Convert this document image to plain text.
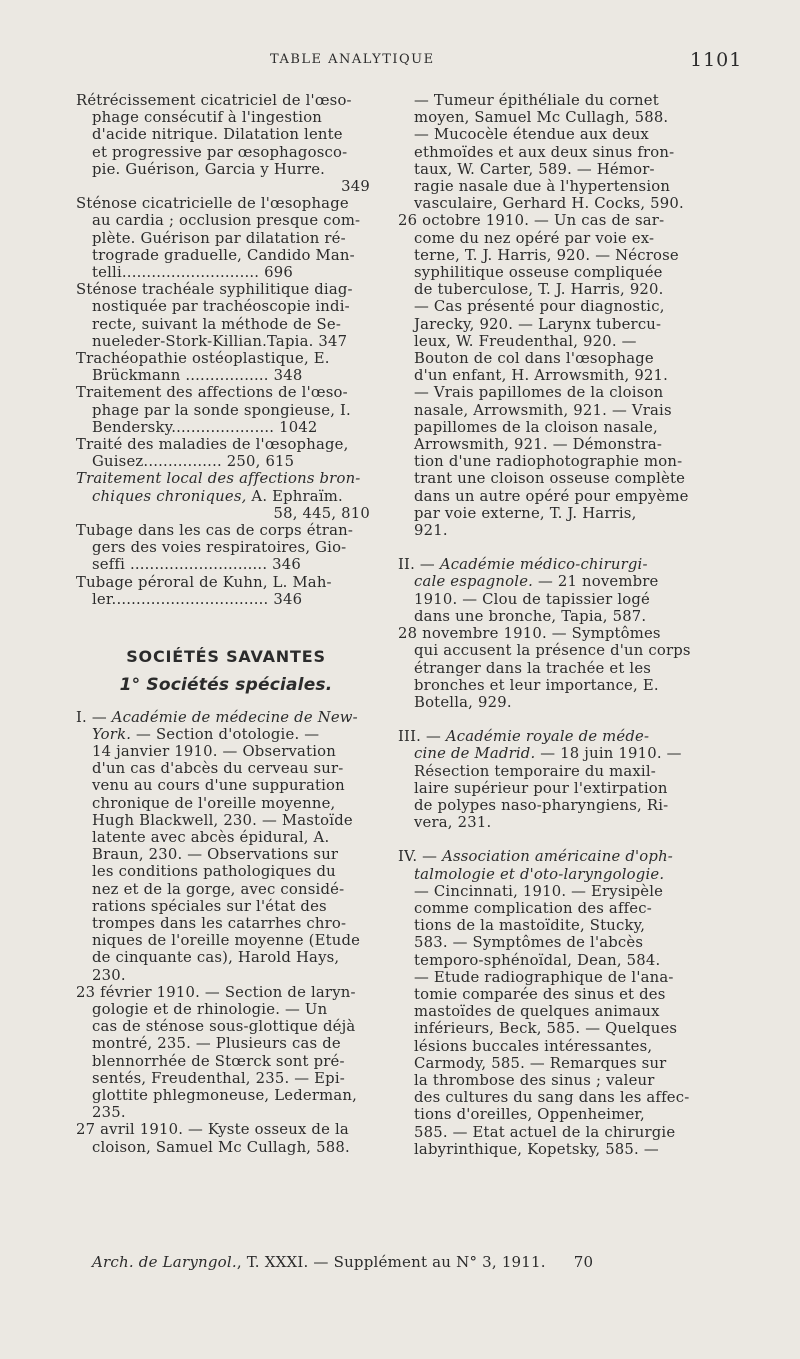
TABLE ANALYTIQUE	1101

Rétrécissement cicatriciel de l'œso-

phage consécutif à l'ingestion

d'acide nitrique. Dilatation lente

et progressive par œsophagosco-

pie. Guérison, Garcia y Hurre.

349

Sténose cicatricielle de l'œsophage

au cardia ; occlusion presque com-

plète. Guérison par dilatation ré-

trograde graduelle, Candido Man-

telli............................ 696

Sténose trachéale syphilitique diag-

nostiquée par trachéoscopie indi-

recte, suivant la méthode de Se-

nueleder-Stork-Killian.Tapia. 347

Trachéopathie ostéoplastique, E.

Brückmann ................. 348

Traitement des affections de l'œso-

phage par la sonde spongieuse, I.

Bendersky..................... 1042

Traité des maladies de l'œsophage,

Guisez................ 250, 615

Traitement local des affections bron-

chiques chroniques, A. Ephraïm.

58, 445, 810

Tubage dans les cas de corps étran-

gers des voies respiratoires, Gio-

seffi ............................ 346

Tubage péroral de Kuhn, L. Mah-

ler................................ 346

SOCIÉTÉS SAVANTES
1° Sociétés spéciales.

I. — Académie de médecine de New-

York. — Section d'otologie. —

14 janvier 1910. — Observation

d'un cas d'abcès du cerveau sur-

venu au cours d'une suppuration

chronique de l'oreille moyenne,

Hugh Blackwell, 230. — Mastoïde

latente avec abcès épidural, A.

Braun, 230. — Observations sur

les conditions pathologiques du

nez et de la gorge, avec considé-

rations spéciales sur l'état des

trompes dans les catarrhes chro-

niques de l'oreille moyenne (Etude

de cinquante cas), Harold Hays,

230.

23 février 1910. — Section de laryn-

gologie et de rhinologie. — Un

cas de sténose sous-glottique déjà

montré, 235. — Plusieurs cas de

blennorrhée de Stœrck sont pré-

sentés, Freudenthal, 235. — Epi-

glottite phlegmoneuse, Lederman,

235.

27 avril 1910. — Kyste osseux de la

cloison, Samuel Mc Cullagh, 588.

— Tumeur épithéliale du cornet

moyen, Samuel Mc Cullagh, 588.

— Mucocèle étendue aux deux

ethmoïdes et aux deux sinus fron-

taux, W. Carter, 589. — Hémor-

ragie nasale due à l'hypertension

vasculaire, Gerhard H. Cocks, 590.

26 octobre 1910. — Un cas de sar-

come du nez opéré par voie ex-

terne, T. J. Harris, 920. — Nécrose

syphilitique osseuse compliquée

de tuberculose, T. J. Harris, 920.

— Cas présenté pour diagnostic,

Jarecky, 920. — Larynx tubercu-

leux, W. Freudenthal, 920. —

Bouton de col dans l'œsophage

d'un enfant, H. Arrowsmith, 921.

— Vrais papillomes de la cloison

nasale, Arrowsmith, 921. — Vrais

papillomes de la cloison nasale,

Arrowsmith, 921. — Démonstra-

tion d'une radiophotographie mon-

trant une cloison osseuse complète

dans un autre opéré pour empyème

par voie externe, T. J. Harris,

921.

II. — Académie médico-chirurgi-

cale espagnole. — 21 novembre

1910. — Clou de tapissier logé

dans une bronche, Tapia, 587.

28 novembre 1910. — Symptômes

qui accusent la présence d'un corps

étranger dans la trachée et les

bronches et leur importance, E.

Botella, 929.

III. — Académie royale de méde-

cine de Madrid. — 18 juin 1910. —

Résection temporaire du maxil-

laire supérieur pour l'extirpation

de polypes naso-pharyngiens, Ri-

vera, 231.

IV. — Association américaine d'oph-

talmologie et d'oto-laryngologie.

— Cincinnati, 1910. — Erysipèle

comme complication des affec-

tions de la mastoïdite, Stucky,

583. — Symptômes de l'abcès

temporo-sphénoïdal, Dean, 584.

— Etude radiographique de l'ana-

tomie comparée des sinus et des

mastoïdes de quelques animaux

inférieurs, Beck, 585. — Quelques

lésions buccales intéressantes,

Carmody, 585. — Remarques sur

la thrombose des sinus ; valeur

des cultures du sang dans les affec-

tions d'oreilles, Oppenheimer,

585. — Etat actuel de la chirurgie

labyrinthique, Kopetsky, 585. —

Arch. de Laryngol., T. XXXI. — Supplément au N° 3, 1911. 70
